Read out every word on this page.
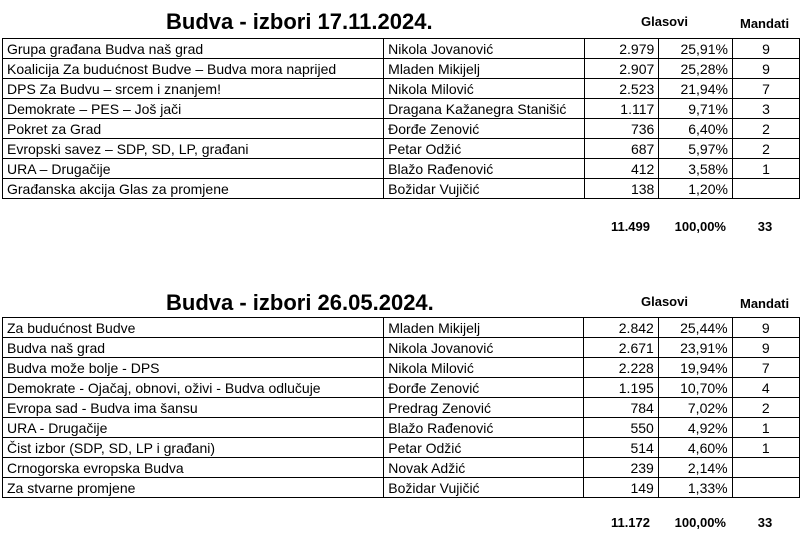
Budva - izbori 17.11.2024.	Glasovi	Mandati
Grupa građana Budva naš grad	Nikola Jovanović	2.979	25,91%	9
Koalicija Za budućnost Budve – Budva mora naprijed	Mladen Mikijelj	2.907	25,28%	9
DPS Za Budvu – srcem i znanjem!	Nikola Milović	2.523	21,94%	7
Demokrate – PES – Još jači	Dragana Kažanegra Stanišić	1.117	9,71%	3
Pokret za Grad	Đorđe Zenović	736	6,40%	2
Evropski savez – SDP, SD, LP, građani	Petar Odžić	687	5,97%	2
URA – Drugačije	Blažo Rađenović	412	3,58%	1
Građanska akcija Glas za promjene	Božidar Vujičić	138	1,20%	
11.499	100,00%	33
Budva - izbori 26.05.2024.	Glasovi	Mandati
Za budućnost Budve	Mladen Mikijelj	2.842	25,44%	9
Budva naš grad	Nikola Jovanović	2.671	23,91%	9
Budva može bolje - DPS	Nikola Milović	2.228	19,94%	7
Demokrate - Ojačaj, obnovi, oživi - Budva odlučuje	Đorđe Zenović	1.195	10,70%	4
Evropa sad - Budva ima šansu	Predrag Zenović	784	7,02%	2
URA - Drugačije	Blažo Rađenović	550	4,92%	1
Čist izbor (SDP, SD, LP i građani)	Petar Odžić	514	4,60%	1
Crnogorska evropska Budva	Novak Adžić	239	2,14%	
Za stvarne promjene	Božidar Vujičić	149	1,33%	
11.172	100,00%	33
